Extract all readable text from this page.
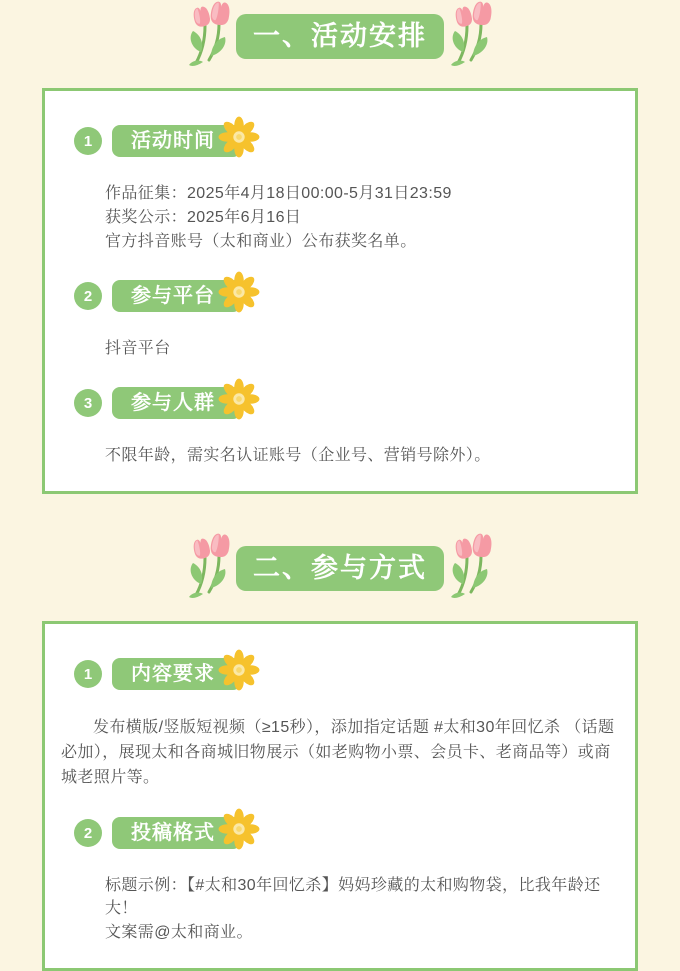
一、活动安排
1	活动时间

作品征集：2025年4月18日00:00-5月31日23:59

获奖公示：2025年6月16日

官方抖音账号（太和商业）公布获奖名单。

2	参与平台

抖音平台

3	参与人群

不限年龄，需实名认证账号（企业号、营销号除外）。

二、参与方式
1	内容要求

发布横版/竖版短视频（≥15秒），添加指定话题 #太和30年回忆杀 （话题必加），展现太和各商城旧物展示（如老购物小票、会员卡、老商品等）或商城老照片等。

2	投稿格式

标题示例：【#太和30年回忆杀】妈妈珍藏的太和购物袋，比我年龄还大！

文案需@太和商业。
